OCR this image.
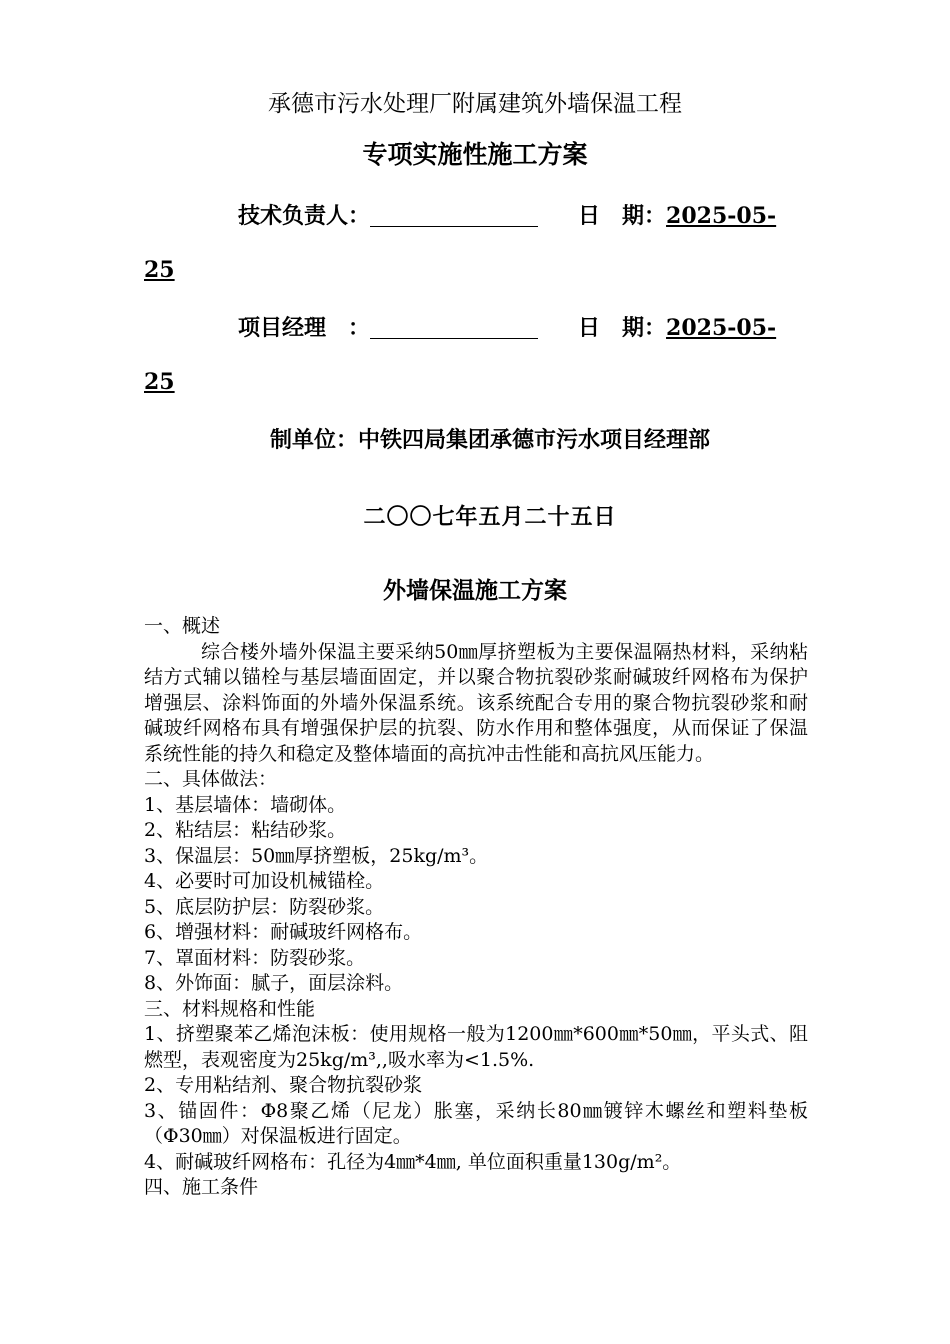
承德市污水处理厂附属建筑外墙保温工程
专项实施性施工方案
技术负责人：	日　期：2025-05-
25
项目经理　：	日　期：2025-05-
25
制单位：中铁四局集团承德市污水项目经理部
二〇〇七年五月二十五日
外墙保温施工方案

一、概述

综合楼外墙外保温主要采纳50㎜厚挤塑板为主要保温隔热材料，采纳粘结方式辅以锚栓与基层墙面固定，并以聚合物抗裂砂浆耐碱玻纤网格布为保护增强层、涂料饰面的外墙外保温系统。该系统配合专用的聚合物抗裂砂浆和耐碱玻纤网格布具有增强保护层的抗裂、防水作用和整体强度，从而保证了保温系统性能的持久和稳定及整体墙面的高抗冲击性能和高抗风压能力。

二、具体做法：

1、基层墙体：墙砌体。

2、粘结层：粘结砂浆。

3、保温层：50㎜厚挤塑板，25kg/m³。

4、必要时可加设机械锚栓。

5、底层防护层：防裂砂浆。

6、增强材料：耐碱玻纤网格布。

7、罩面材料：防裂砂浆。

8、外饰面：腻子，面层涂料。

三、材料规格和性能

1、挤塑聚苯乙烯泡沫板：使用规格一般为1200㎜*600㎜*50㎜，平头式、阻燃型，表观密度为25kg/m³,,吸水率为<1.5%.

2、专用粘结剂、聚合物抗裂砂浆

3、锚固件：Φ8聚乙烯（尼龙）胀塞，采纳长80㎜镀锌木螺丝和塑料垫板（Φ30㎜）对保温板进行固定。

4、耐碱玻纤网格布：孔径为4㎜*4㎜, 单位面积重量130g/m²。

四、施工条件
